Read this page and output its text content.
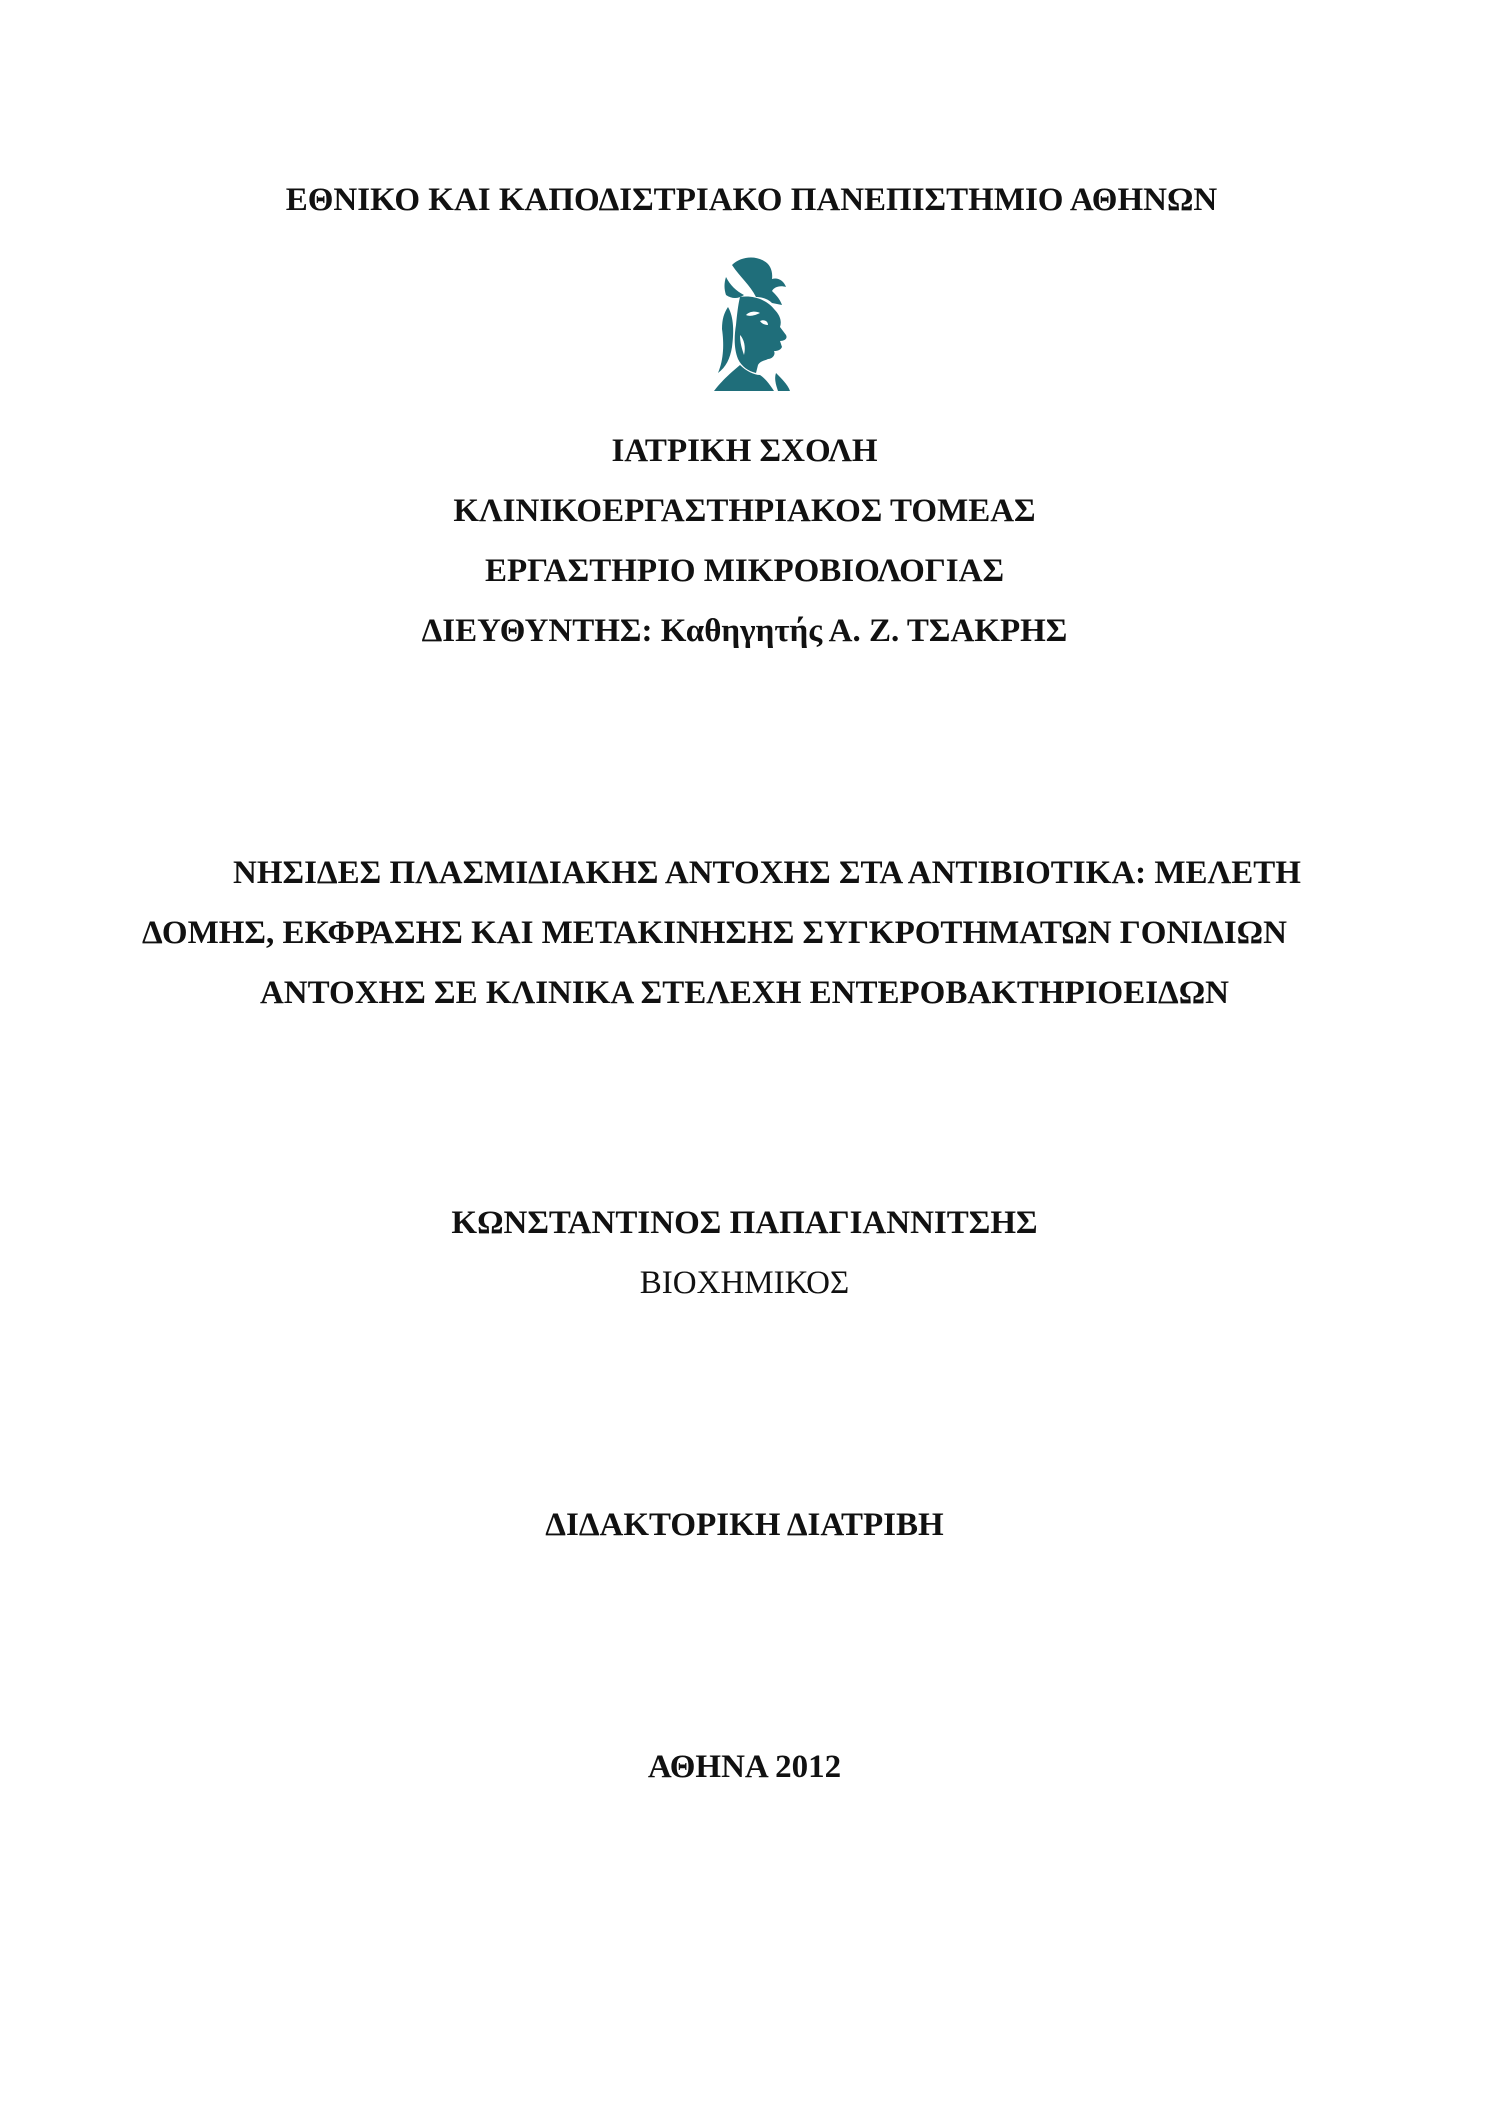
ΕΘΝΙΚΟ ΚΑΙ ΚΑΠΟΔΙΣΤΡΙΑΚΟ ΠΑΝΕΠΙΣΤΗΜΙΟ ΑΘΗΝΩΝ
ΙΑΤΡΙΚΗ ΣΧΟΛΗ
ΚΛΙΝΙΚΟΕΡΓΑΣΤΗΡΙΑΚΟΣ ΤΟΜΕΑΣ
ΕΡΓΑΣΤΗΡΙΟ ΜΙΚΡΟΒΙΟΛΟΓΙΑΣ
ΔΙΕΥΘΥΝΤΗΣ: Καθηγητής Α. Ζ. ΤΣΑΚΡΗΣ
ΝΗΣΙΔΕΣ ΠΛΑΣΜΙΔΙΑΚΗΣ ΑΝΤΟΧΗΣ ΣΤΑ ΑΝΤΙΒΙΟΤΙΚΑ: ΜΕΛΕΤΗ
ΔΟΜΗΣ, ΕΚΦΡΑΣΗΣ ΚΑΙ ΜΕΤΑΚΙΝΗΣΗΣ ΣΥΓΚΡΟΤΗΜΑΤΩΝ ΓΟΝΙΔΙΩΝ
ΑΝΤΟΧΗΣ ΣΕ ΚΛΙΝΙΚΑ ΣΤΕΛΕΧΗ ΕΝΤΕΡΟΒΑΚΤΗΡΙΟΕΙΔΩΝ
ΚΩΝΣΤΑΝΤΙΝΟΣ ΠΑΠΑΓΙΑΝΝΙΤΣΗΣ
ΒΙΟΧΗΜΙΚΟΣ
ΔΙΔΑΚΤΟΡΙΚΗ ΔΙΑΤΡΙΒΗ
ΑΘΗΝΑ 2012
